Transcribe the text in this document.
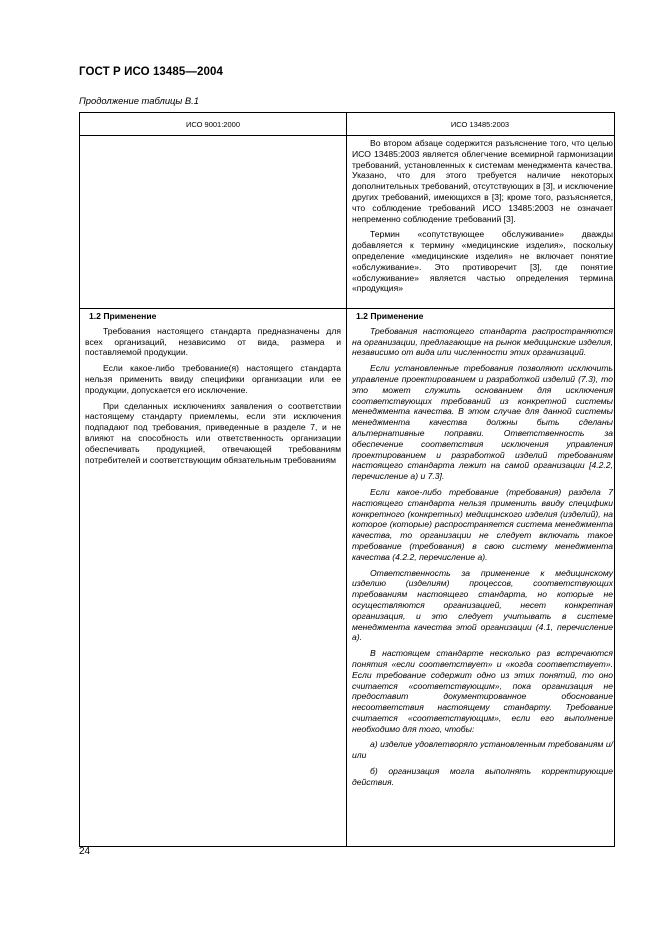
ГОСТ Р ИСО 13485—2004
Продолжение таблицы В.1
ИСО 9001:2000	ИСО 13485:2003

Во втором абзаце содержится разъяснение того, что целью ИСО 13485:2003 является облегчение всемирной гармонизации требований, установленных к системам менеджмента качества. Указано, что для этого требуется наличие некоторых дополнительных требований, отсутствующих в [3], и исключение других требований, имеющихся в [3]; кроме того, разъясняется, что соблюдение требований ИСО 13485:2003 не означает непременно соблюдение требований [3].

Термин «сопутствующее обслуживание» дважды добавляется к термину «медицинские изделия», поскольку определение «медицинские изделия» не включает понятие «обслуживание». Это противоречит [3], где понятие «обслуживание» является частью определения термина «продукция»

1.2 Применение

Требования настоящего стандарта предназначены для всех организаций, независимо от вида, размера и поставляемой продукции.

Если какое-либо требование(я) настоящего стандарта нельзя применить ввиду специфики организации или ее продукции, допускается его исключение.

При сделанных исключениях заявления о соответствии настоящему стандарту приемлемы, если эти исключения подпадают под требования, приведенные в разделе 7, и не влияют на способность или ответственность организации обеспечивать продукцией, отвечающей требованиям потребителей и соответствующим обязательным требованиям

1.2 Применение

Требования настоящего стандарта распространяются на организации, предлагающие на рынок медицинские изделия, независимо от вида или численности этих организаций.

Если установленные требования позволяют исключить управление проектированием и разработкой изделий (7.3), то это может служить основанием для исключения соответствующих требований из конкретной системы менеджмента качества. В этом случае для данной системы менеджмента качества должны быть сделаны альтернативные поправки. Ответственность за обеспечение соответствия исключения управления проектированием и разработкой изделий требованиям настоящего стандарта лежит на самой организации [4.2.2, перечисление а) и 7.3].

Если какое-либо требование (требования) раздела 7 настоящего стандарта нельзя применить ввиду специфики конкретного (конкретных) медицинского изделия (изделий), на которое (которые) распространяется система менеджмента качества, то организации не следует включать такое требование (требования) в свою систему менеджмента качества (4.2.2, перечисление а).

Ответственность за применение к медицинскому изделию (изделиям) процессов, соответствующих требованиям настоящего стандарта, но которые не осуществляются организацией, несет конкретная организация, и это следует учитывать в системе менеджмента качества этой организации (4.1, перечисление а).

В настоящем стандарте несколько раз встречаются понятия «если соответствует» и «когда соответствует». Если требование содержит одно из этих понятий, то оно считается «соответствующим», пока организация не предоставит документированное обоснование несоответствия настоящему стандарту. Требование считается «соответствующим», если его выполнение необходимо для того, чтобы:

а) изделие удовлетворяло установленным требованиям и/или

б) организация могла выполнять корректирующие действия.

24
